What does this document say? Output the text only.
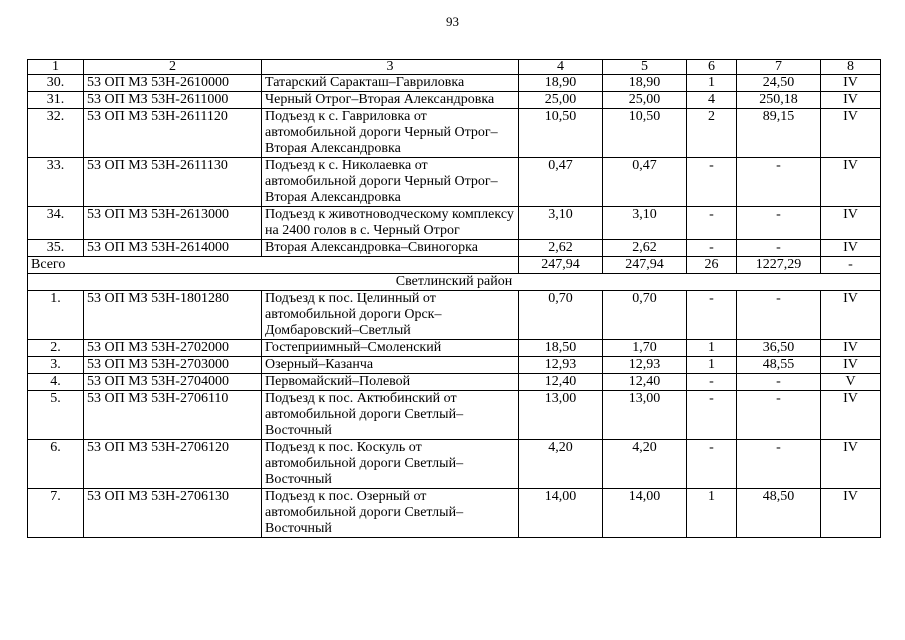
93
1	2	3	4	5	6	7	8
30.	53 ОП МЗ 53Н-2610000	Татарский Саракташ–Гавриловка	18,90	18,90	1	24,50	IV
31.	53 ОП МЗ 53Н-2611000	Черный Отрог–Вторая Александровка	25,00	25,00	4	250,18	IV
32.	53 ОП МЗ 53Н-2611120	Подъезд к с. Гавриловка от автомобильной дороги Черный Отрог–Вторая Александровка	10,50	10,50	2	89,15	IV
33.	53 ОП МЗ 53Н-2611130	Подъезд к с. Николаевка от автомобильной дороги Черный Отрог–Вторая Александровка	0,47	0,47	-	-	IV
34.	53 ОП МЗ 53Н-2613000	Подъезд к животноводческому комплексу на 2400 голов в с. Черный Отрог	3,10	3,10	-	-	IV
35.	53 ОП МЗ 53Н-2614000	Вторая Александровка–Свиногорка	2,62	2,62	-	-	IV
Всего			247,94	247,94	26	1227,29	-
Светлинский район							
1.	53 ОП МЗ 53Н-1801280	Подъезд к пос. Целинный от автомобильной дороги Орск–Домбаровский–Светлый	0,70	0,70	-	-	IV
2.	53 ОП МЗ 53Н-2702000	Гостеприимный–Смоленский	18,50	1,70	1	36,50	IV
3.	53 ОП МЗ 53Н-2703000	Озерный–Казанча	12,93	12,93	1	48,55	IV
4.	53 ОП МЗ 53Н-2704000	Первомайский–Полевой	12,40	12,40	-	-	V
5.	53 ОП МЗ 53Н-2706110	Подъезд к пос. Актюбинский от автомобильной дороги Светлый–Восточный	13,00	13,00	-	-	IV
6.	53 ОП МЗ 53Н-2706120	Подъезд к пос. Коскуль от автомобильной дороги Светлый–Восточный	4,20	4,20	-	-	IV
7.	53 ОП МЗ 53Н-2706130	Подъезд к пос. Озерный от автомобильной дороги Светлый–Восточный	14,00	14,00	1	48,50	IV
